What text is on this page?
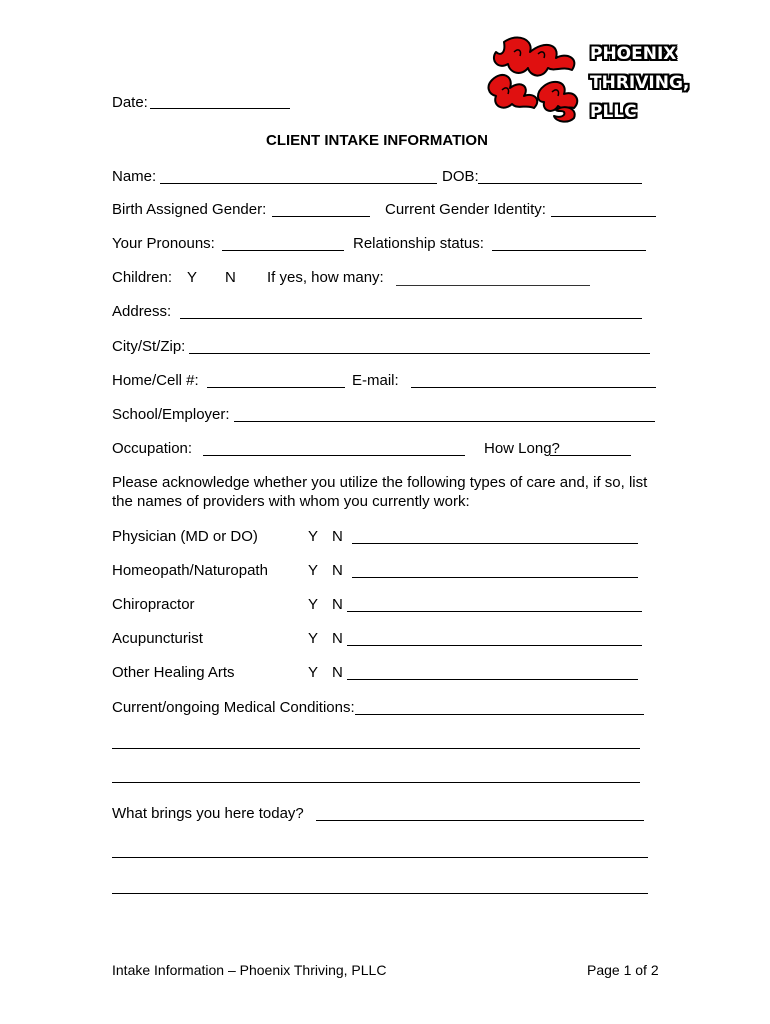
PHOENIX
THRIVING,
PLLC
Date:
CLIENT INTAKE INFORMATION
Name:	DOB:
Birth Assigned Gender:	Current Gender Identity:
Your Pronouns:	Relationship status:
Children: Y N If yes, how many:
Address:
City/St/Zip:
Home/Cell #:	E-mail:
School/Employer:
Occupation:	How Long?
Please acknowledge whether you utilize the following types of care and, if so, list
the names of providers with whom you currently work:
Physician (MD or DO)	Y N
Homeopath/Naturopath	Y N
Chiropractor	Y N
Acupuncturist	Y N
Other Healing Arts	Y N
Current/ongoing Medical Conditions:
What brings you here today?
Intake Information – Phoenix Thriving, PLLC	Page 1 of 2
